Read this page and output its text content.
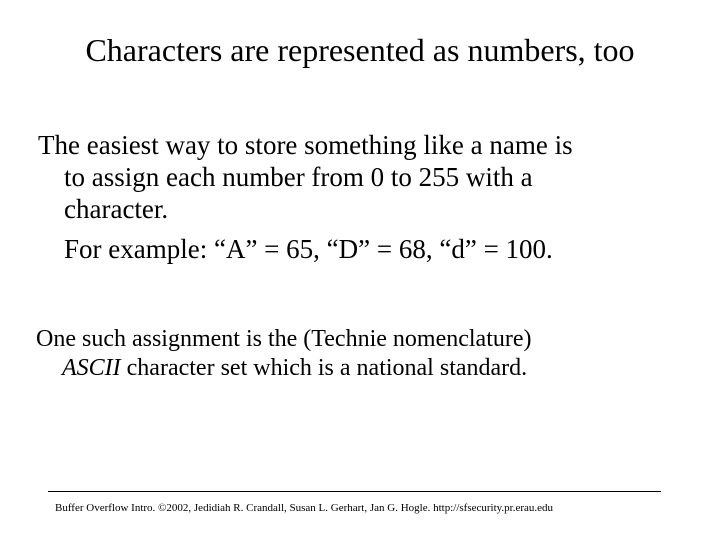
Characters are represented as numbers, too
The easiest way to store something like a name is
to assign each number from 0 to 255 with a
character.
For example: “A” = 65, “D” = 68, “d” = 100.
One such assignment is the (Technie nomenclature)
ASCII character set which is a national standard.
Buffer Overflow Intro. ©2002, Jedidiah R. Crandall, Susan L. Gerhart, Jan G. Hogle. http://sfsecurity.pr.erau.edu
